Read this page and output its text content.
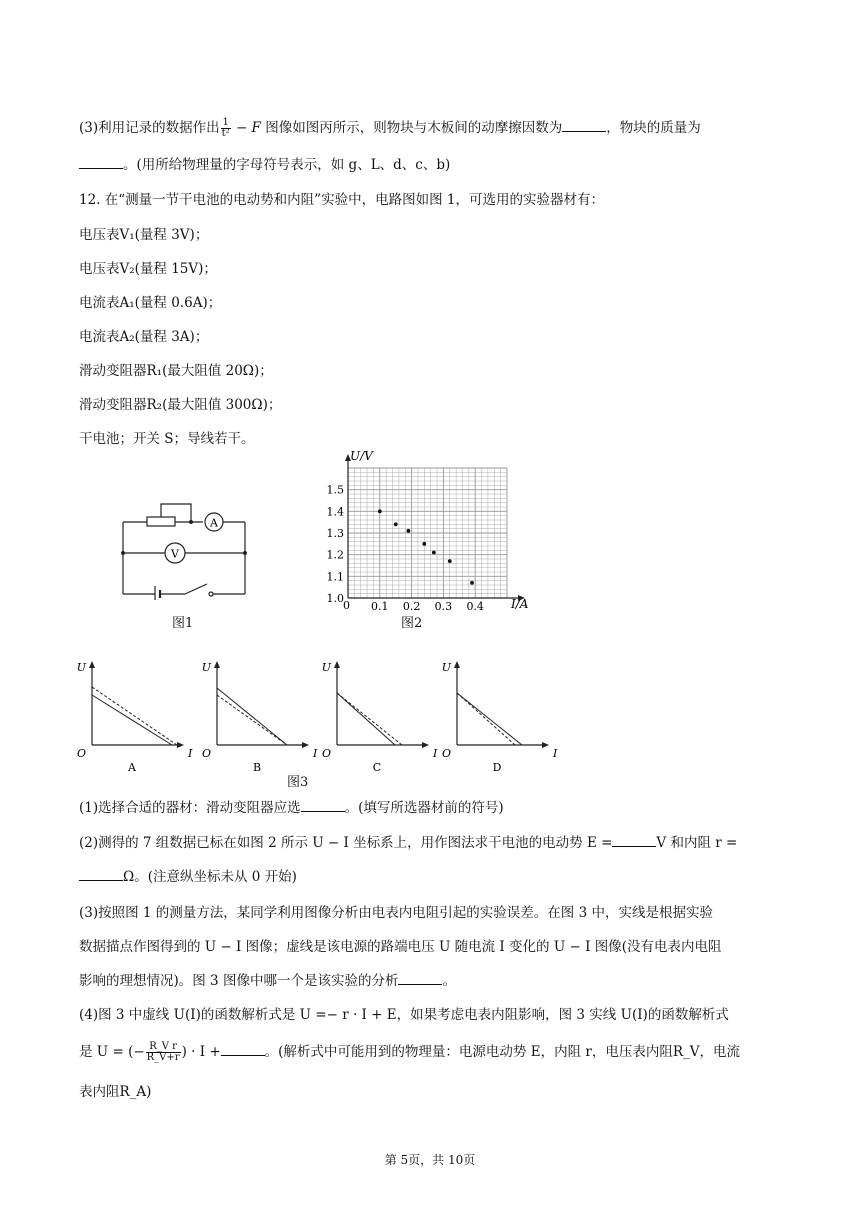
(3)利用记录的数据作出 $\frac{1}{\text{t²}} - F$ 图像如图丙所示，则物块与木板间的动摩擦因数为	，物块的质量为
。(用所给物理量的字母符号表示，如 g、L、d、c、b)
12. 在“测量一节干电池的电动势和内阻”实验中，电路图如图 1，可选用的实验器材有：
电压表V₁(量程 3V)；
电压表V₂(量程 15V)；
电流表A₁(量程 0.6A)；
电流表A₂(量程 3A)；
滑动变阻器R₁(最大阻值 20Ω)；
滑动变阻器R₂(最大阻值 300Ω)；
干电池；开关 S；导线若干。
A
V
图1
1.0
1.1
1.2
1.3
1.4
1.5
0.1 0.2 0.3 0.4
U/V
I/A
0
图2
U
O	I
A
U
O	I
B
U
O	I
C
U
O	I
D
图3
(1)选择合适的器材：滑动变阻器应选	。(填写所选器材前的符号)
(2)测得的 7 组数据已标在如图 2 所示 U − I 坐标系上，用作图法求干电池的电动势 E =	V 和内阻 r =
Ω。(注意纵坐标未从 0 开始)
(3)按照图 1 的测量方法，某同学利用图像分析由电表内电阻引起的实验误差。在图 3 中，实线是根据实验
数据描点作图得到的 U − I 图像；虚线是该电源的路端电压 U 随电流 I 变化的 U − I 图像(没有电表内电阻
影响的理想情况)。图 3 图像中哪一个是该实验的分析	。
(4)图 3 中虚线 U(I)的函数解析式是 U =− r · I + E，如果考虑电表内阻影响，图 3 实线 U(I)的函数解析式
是 U = (− $\frac{\text{R\_V r}}{R\_V+r}$ ) · I +	。(解析式中可能用到的物理量：电源电动势 E，内阻 r，电压表内阻R_V，电流
表内阻R_A)
第 5页，共 10页
